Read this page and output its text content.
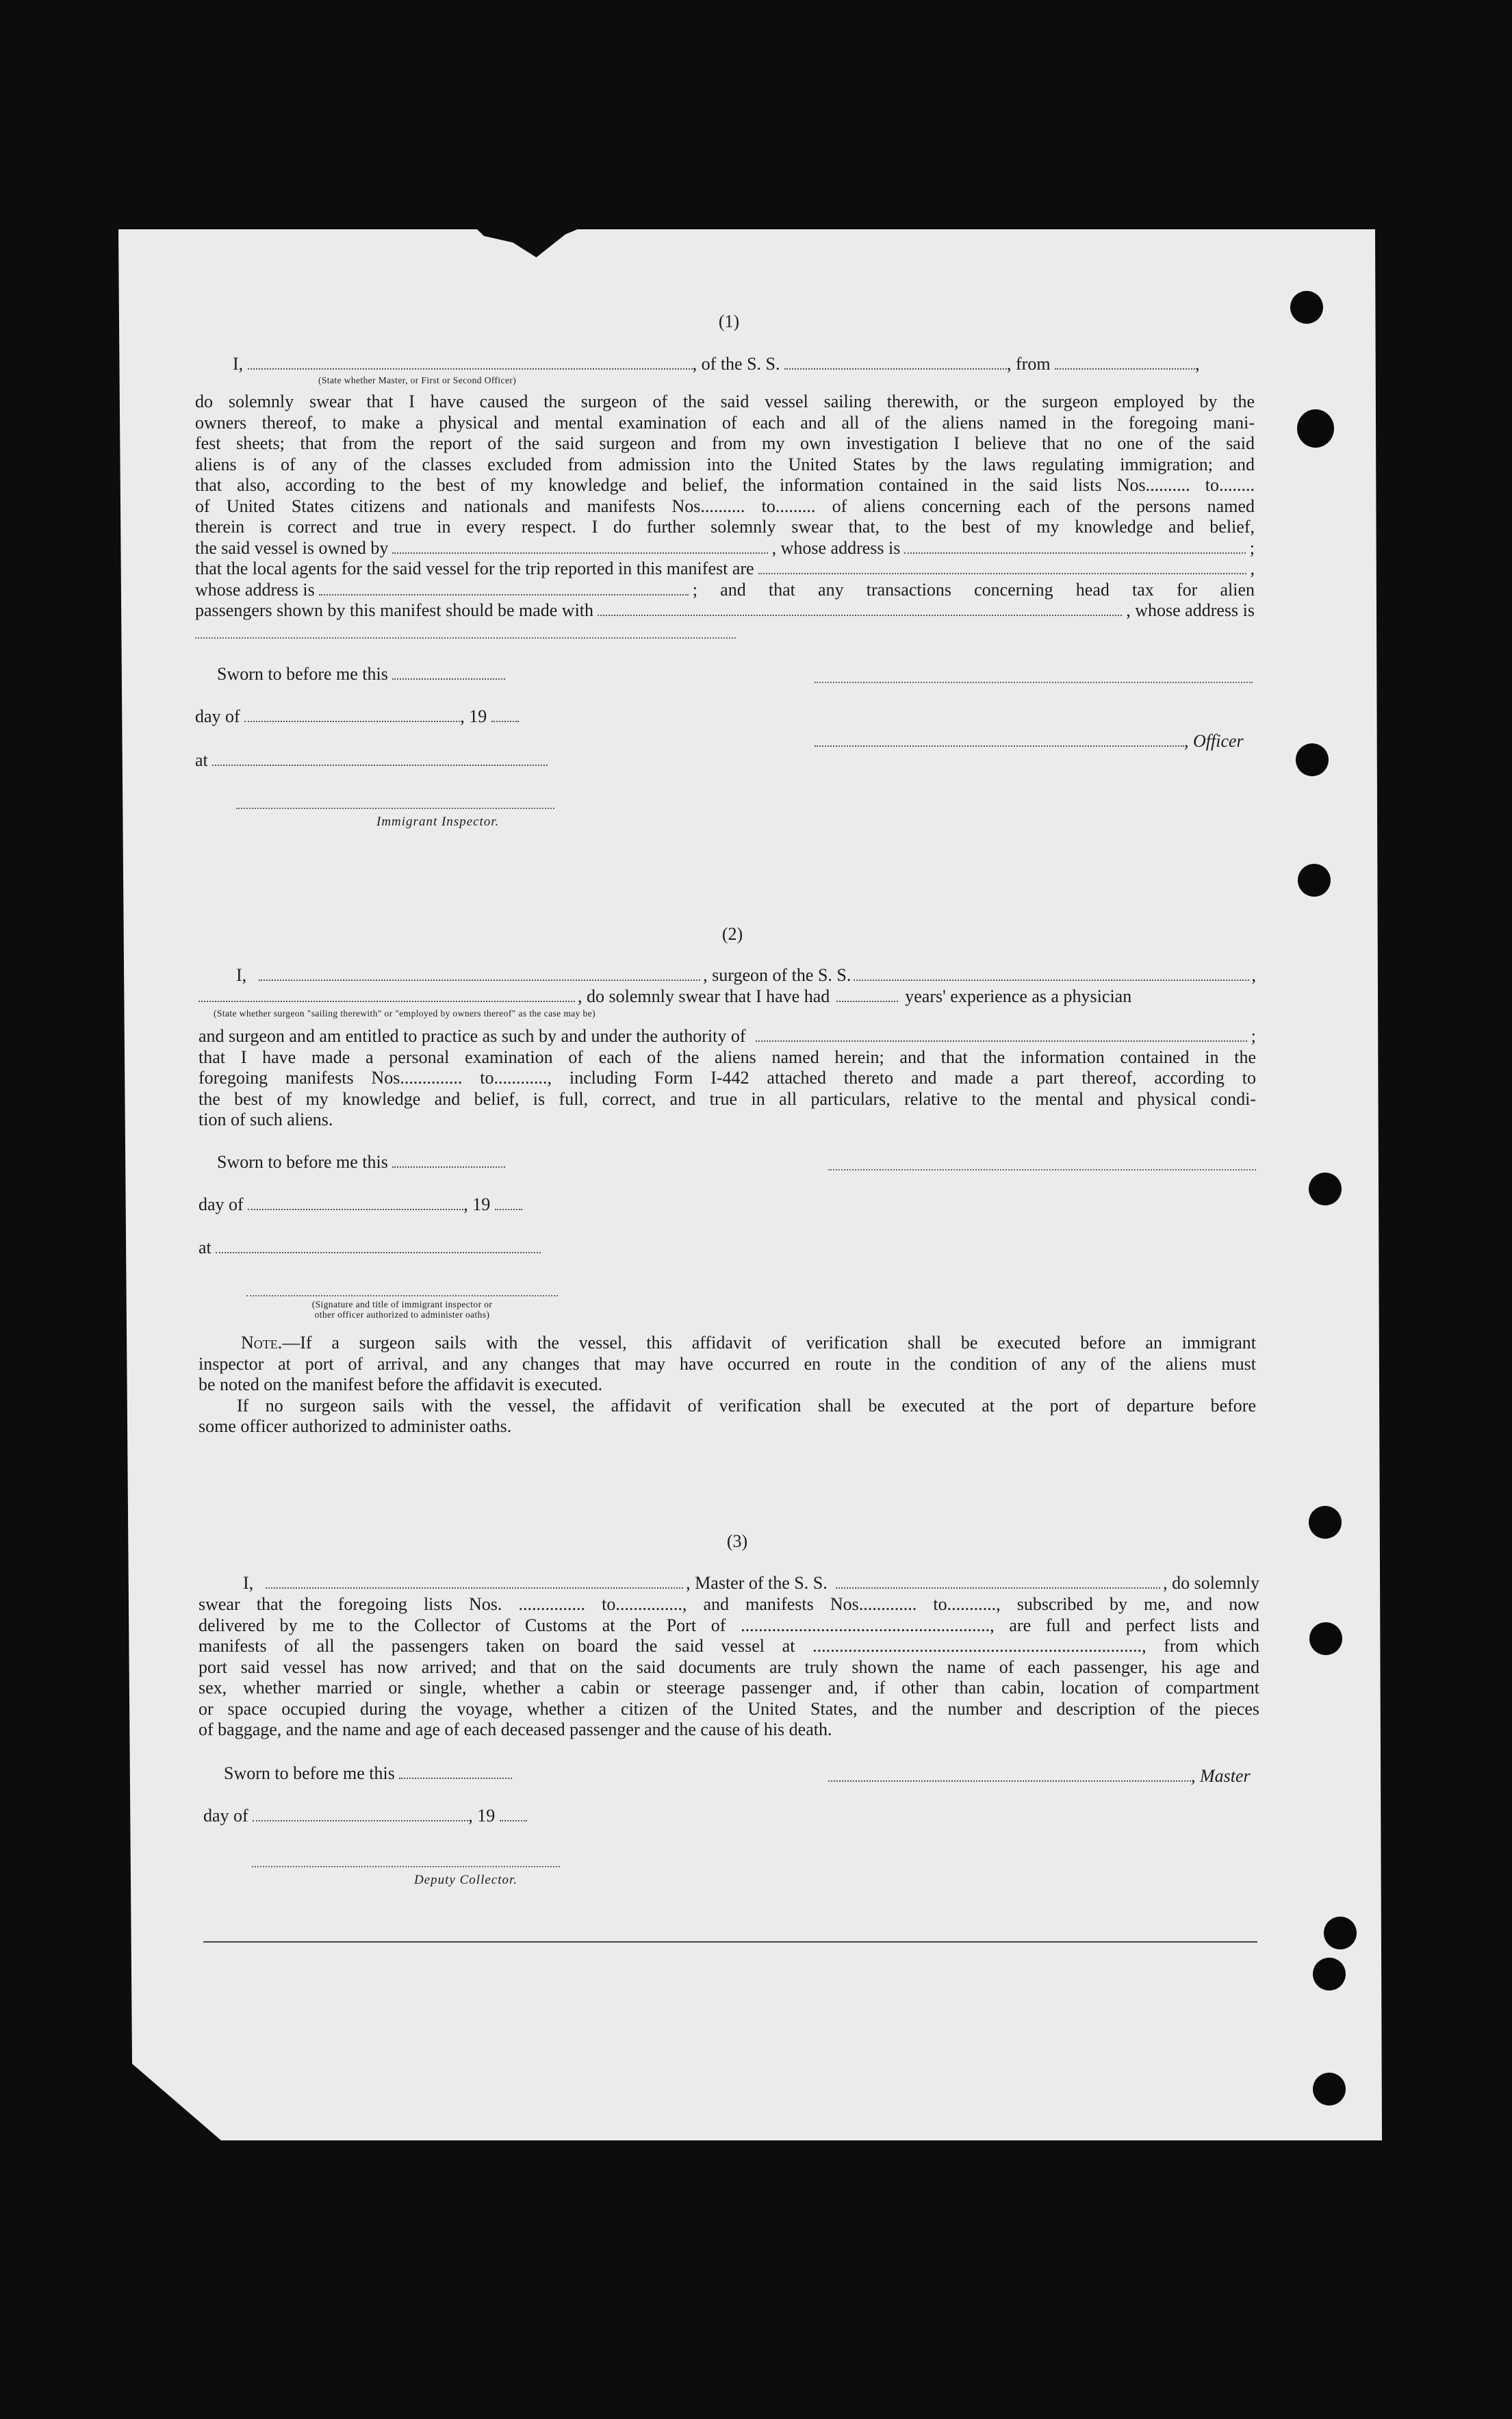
(1)
I,	, of the S. S.	, from	,
(State whether Master, or First or Second Officer)
do solemnly swear that I have caused the surgeon of the said vessel sailing therewith, or the surgeon employed by the
owners thereof, to make a physical and mental examination of each and all of the aliens named in the foregoing mani-
fest sheets; that from the report of the said surgeon and from my own investigation I believe that no one of the said
aliens is of any of the classes excluded from admission into the United States by the laws regulating immigration; and
that also, according to the best of my knowledge and belief, the information contained in the said lists Nos.......... to........
of United States citizens and nationals and manifests Nos.......... to......... of aliens concerning each of the persons named
therein is correct and true in every respect. I do further solemnly swear that, to the best of my knowledge and belief,
the said vessel is owned by	, whose address is	;
that the local agents for the said vessel for the trip reported in this manifest are	,
whose address is	; and that any transactions concerning head tax for alien
passengers shown by this manifest should be made with	, whose address is
Sworn to before me this
day of	, 19
, Officer
at
Immigrant Inspector.
(2)
I,	, surgeon of the S. S.	,
, do solemnly swear that I have had	years' experience as a physician
(State whether surgeon "sailing therewith" or "employed by owners thereof" as the case may be)
and surgeon and am entitled to practice as such by and under the authority of	;
that I have made a personal examination of each of the aliens named herein; and that the information contained in the
foregoing manifests Nos.............. to............, including Form I-442 attached thereto and made a part thereof, according to
the best of my knowledge and belief, is full, correct, and true in all particulars, relative to the mental and physical condi-
tion of such aliens.
Sworn to before me this
day of	, 19
at
(Signature and title of immigrant inspector or
other officer authorized to administer oaths)
Note.—If a surgeon sails with the vessel, this affidavit of verification shall be executed before an immigrant
inspector at port of arrival, and any changes that may have occurred en route in the condition of any of the aliens must
be noted on the manifest before the affidavit is executed.
If no surgeon sails with the vessel, the affidavit of verification shall be executed at the port of departure before
some officer authorized to administer oaths.
(3)
I,	, Master of the S. S.	, do solemnly
swear that the foregoing lists Nos. ............... to..............., and manifests Nos............. to..........., subscribed by me, and now
delivered by me to the Collector of Customs at the Port of ........................................................, are full and perfect lists and
manifests of all the passengers taken on board the said vessel at .........................................................................., from which
port said vessel has now arrived; and that on the said documents are truly shown the name of each passenger, his age and
sex, whether married or single, whether a cabin or steerage passenger and, if other than cabin, location of compartment
or space occupied during the voyage, whether a citizen of the United States, and the number and description of the pieces
of baggage, and the name and age of each deceased passenger and the cause of his death.
Sworn to before me this	, Master
day of	, 19
Deputy Collector.
